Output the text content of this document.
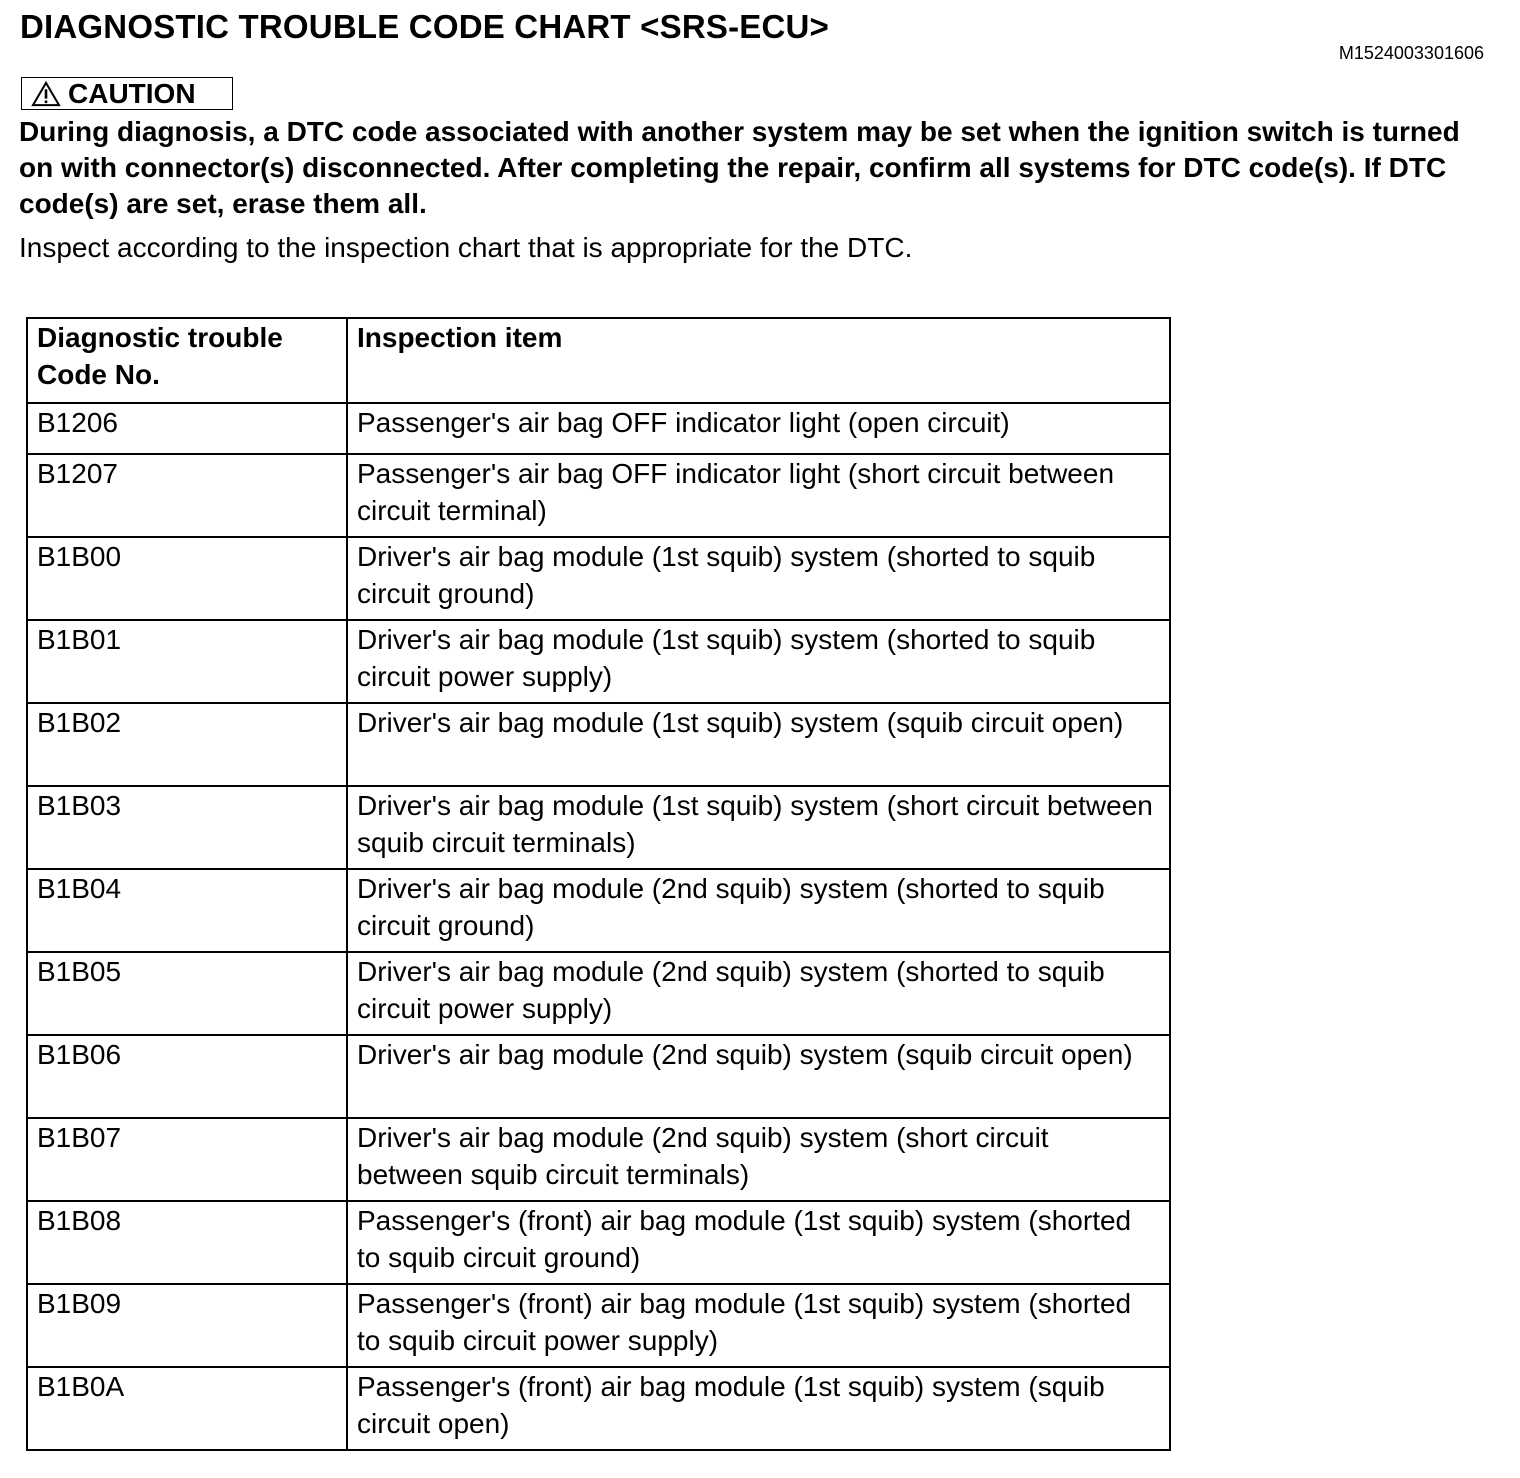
DIAGNOSTIC TROUBLE CODE CHART <SRS-ECU>
M1524003301606
CAUTION
During diagnosis, a DTC code associated with another system may be set when the ignition switch is turned on with connector(s) disconnected. After completing the repair, confirm all systems for DTC code(s). If DTC code(s) are set, erase them all.
Inspect according to the inspection chart that is appropriate for the DTC.
Diagnostic trouble Code No.	Inspection item
B1206	Passenger's air bag OFF indicator light (open circuit)
B1207	Passenger's air bag OFF indicator light (short circuit between circuit terminal)
B1B00	Driver's air bag module (1st squib) system (shorted to squib circuit ground)
B1B01	Driver's air bag module (1st squib) system (shorted to squib circuit power supply)
B1B02	Driver's air bag module (1st squib) system (squib circuit open)
B1B03	Driver's air bag module (1st squib) system (short circuit between squib circuit terminals)
B1B04	Driver's air bag module (2nd squib) system (shorted to squib circuit ground)
B1B05	Driver's air bag module (2nd squib) system (shorted to squib circuit power supply)
B1B06	Driver's air bag module (2nd squib) system (squib circuit open)
B1B07	Driver's air bag module (2nd squib) system (short circuit between squib circuit terminals)
B1B08	Passenger's (front) air bag module (1st squib) system (shorted to squib circuit ground)
B1B09	Passenger's (front) air bag module (1st squib) system (shorted to squib circuit power supply)
B1B0A	Passenger's (front) air bag module (1st squib) system (squib circuit open)
